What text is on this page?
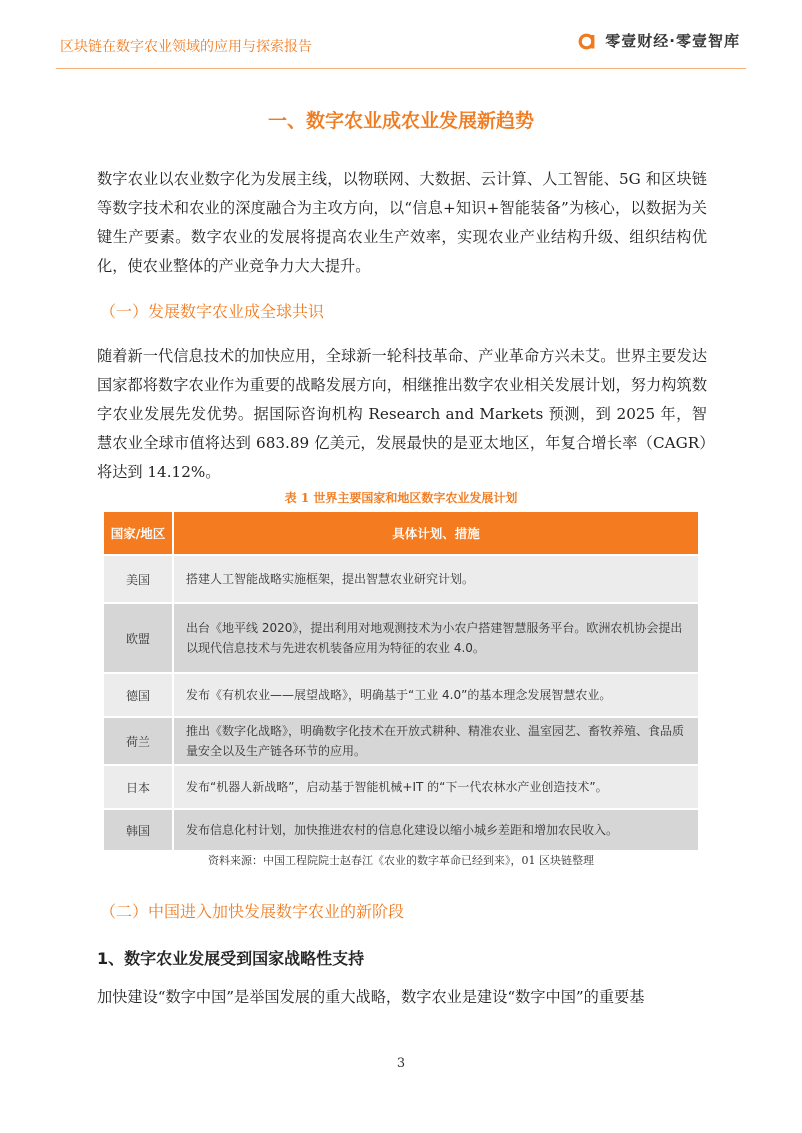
区块链在数字农业领域的应用与探索报告	零壹财经·零壹智库
一、数字农业成农业发展新趋势

数字农业以农业数字化为发展主线，以物联网、大数据、云计算、人工智能、5G 和区块链等数字技术和农业的深度融合为主攻方向，以“信息+知识+智能装备”为核心，以数据为关键生产要素。数字农业的发展将提高农业生产效率，实现农业产业结构升级、组织结构优化，使农业整体的产业竞争力大大提升。

（一）发展数字农业成全球共识

随着新一代信息技术的加快应用，全球新一轮科技革命、产业革命方兴未艾。世界主要发达国家都将数字农业作为重要的战略发展方向，相继推出数字农业相关发展计划，努力构筑数字农业发展先发优势。据国际咨询机构 Research and Markets 预测，到 2025 年，智慧农业全球市值将达到 683.89 亿美元，发展最快的是亚太地区，年复合增长率（CAGR）将达到 14.12%。

表 1 世界主要国家和地区数字农业发展计划
国家/地区	具体计划、措施
美国	搭建人工智能战略实施框架，提出智慧农业研究计划。
欧盟	出台《地平线 2020》，提出利用对地观测技术为小农户搭建智慧服务平台。欧洲农机协会提出以现代信息技术与先进农机装备应用为特征的农业 4.0。
德国	发布《有机农业——展望战略》，明确基于“工业 4.0”的基本理念发展智慧农业。
荷兰	推出《数字化战略》，明确数字化技术在开放式耕种、精准农业、温室园艺、畜牧养殖、食品质量安全以及生产链各环节的应用。
日本	发布“机器人新战略”，启动基于智能机械+IT 的“下一代农林水产业创造技术”。
韩国	发布信息化村计划，加快推进农村的信息化建设以缩小城乡差距和增加农民收入。
资料来源：中国工程院院士赵春江《农业的数字革命已经到来》，01 区块链整理
（二）中国进入加快发展数字农业的新阶段
1、数字农业发展受到国家战略性支持

加快建设“数字中国”是举国发展的重大战略，数字农业是建设“数字中国”的重要基

3
